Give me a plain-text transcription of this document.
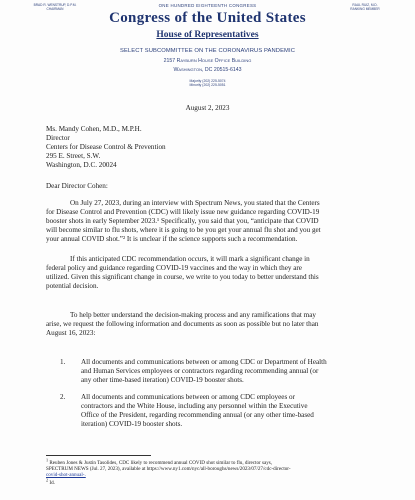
BRAD R. WENSTRUP, D.P.M.
CHAIRMAN
ONE HUNDRED EIGHTEENTH CONGRESS	RAUL RUIZ, M.D.
RANKING MEMBER
Congress of the United States
House of Representatives
SELECT SUBCOMMITTEE ON THE CORONAVIRUS PANDEMIC
2157 Rayburn House Office Building
Washington, DC 20515-6143
Majority (202) 225-5074
Minority (202) 225-5051
August 2, 2023
Ms. Mandy Cohen, M.D., M.P.H.
Director
Centers for Disease Control & Prevention
295 E. Street, S.W.
Washington, D.C. 20024
Dear Director Cohen:
On July 27, 2023, during an interview with Spectrum News, you stated that the Centers
for Disease Control and Prevention (CDC) will likely issue new guidance regarding COVID-19
booster shots in early September 2023.¹ Specifically, you said that you, “anticipate that COVID
will become similar to flu shots, where it is going to be you get your annual flu shot and you get
your annual COVID shot.”² It is unclear if the science supports such a recommendation.
If this anticipated CDC recommendation occurs, it will mark a significant change in
federal policy and guidance regarding COVID-19 vaccines and the way in which they are
utilized. Given this significant change in course, we write to you today to better understand this
potential decision.
To help better understand the decision-making process and any ramifications that may
arise, we request the following information and documents as soon as possible but no later than
August 16, 2023:
1. All documents and communications between or among CDC or Department of Health
and Human Services employees or contractors regarding recommending annual (or
any other time-based iteration) COVID-19 booster shots.
2. All documents and communications between or among CDC employees or
contractors and the White House, including any personnel within the Executive
Office of the President, regarding recommending annual (or any other time-based
iteration) COVID-19 booster shots.
$^1$ Reuben Jones & Justin Tasolides, CDC likely to recommend annual COVID shot similar to flu, director says,
SPECTRUM NEWS (Jul. 27, 2023), available at https://www.ny1.com/nyc/all-boroughs/news/2023/07/27/cdc-director-
covid-shot-annual-.
$^2$ Id.
